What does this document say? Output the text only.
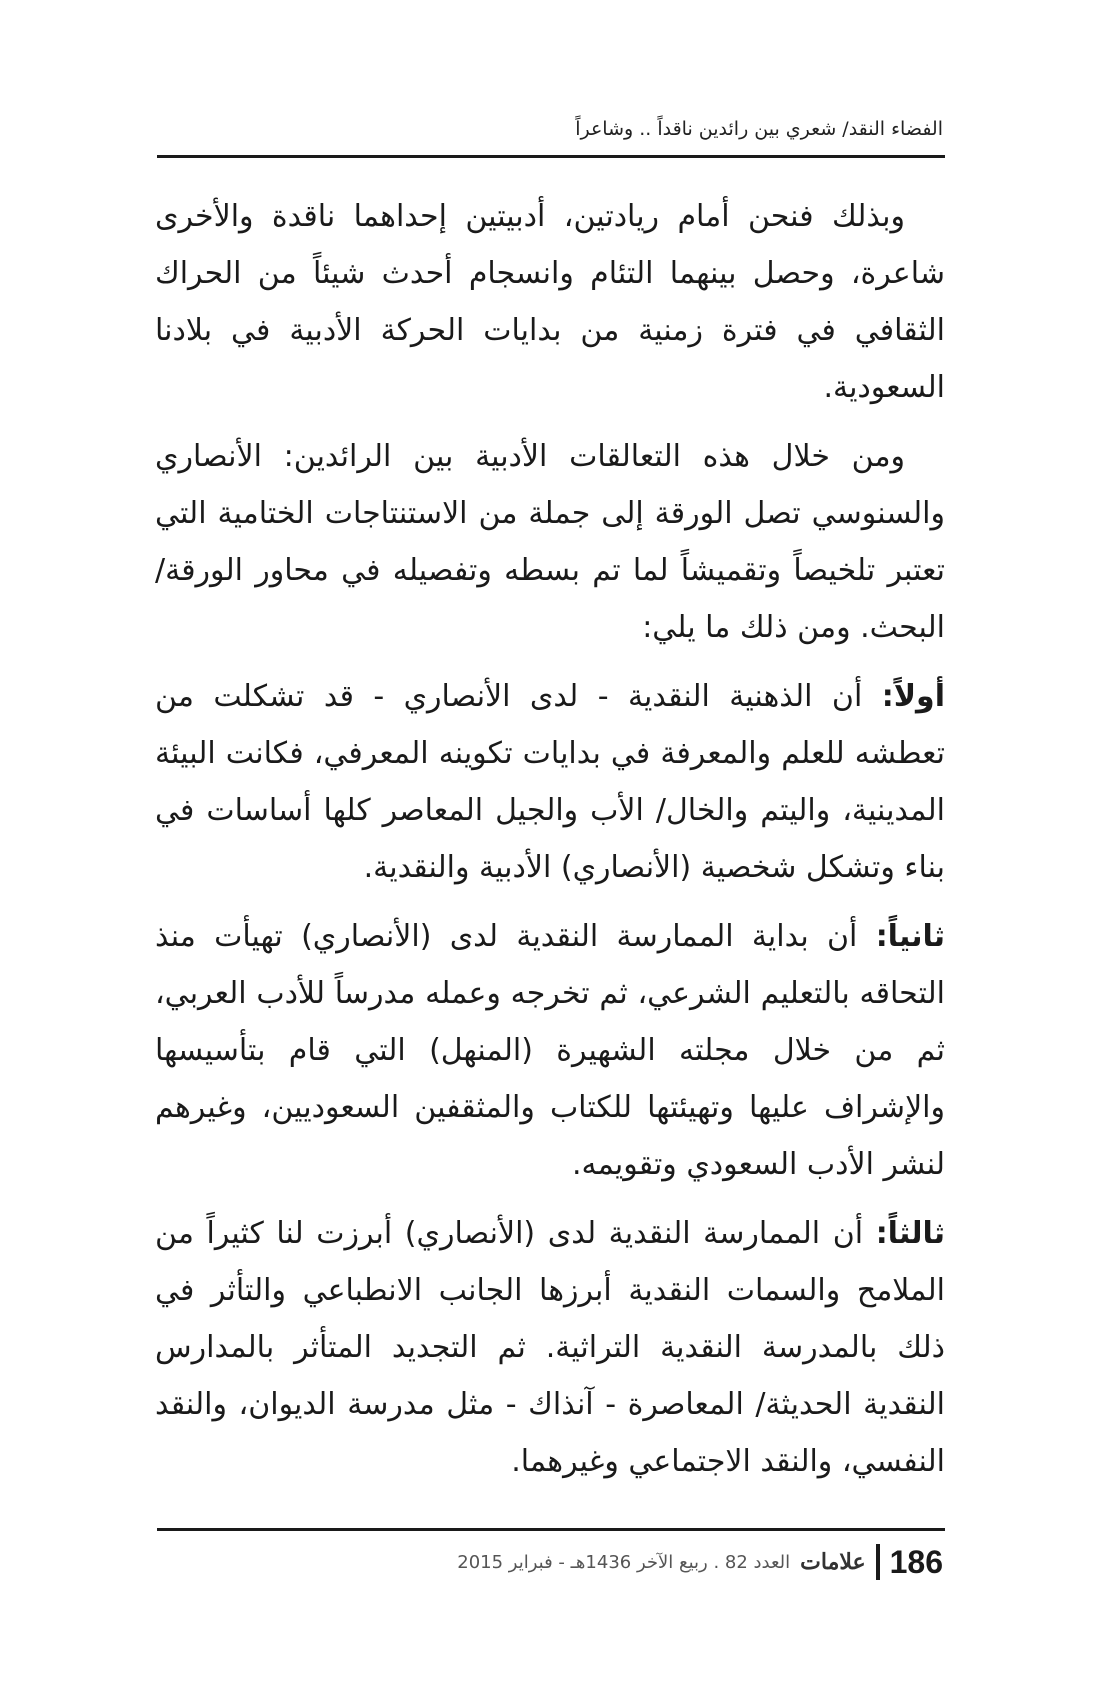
الفضاء النقد/ شعري بين رائدين ناقداً .. وشاعراً

وبذلك فنحن أمام ريادتين، أدبيتين إحداهما ناقدة والأخرى شاعرة، وحصل بينهما التئام وانسجام أحدث شيئاً من الحراك الثقافي في فترة زمنية من بدايات الحركة الأدبية في بلادنا السعودية.

ومن خلال هذه التعالقات الأدبية بين الرائدين: الأنصاري والسنوسي تصل الورقة إلى جملة من الاستنتاجات الختامية التي تعتبر تلخيصاً وتقميشاً لما تم بسطه وتفصيله في محاور الورقة/ البحث. ومن ذلك ما يلي:

أولاً: أن الذهنية النقدية - لدى الأنصاري - قد تشكلت من تعطشه للعلم والمعرفة في بدايات تكوينه المعرفي، فكانت البيئة المدينية، واليتم والخال/ الأب والجيل المعاصر كلها أساسات في بناء وتشكل شخصية (الأنصاري) الأدبية والنقدية.

ثانياً: أن بداية الممارسة النقدية لدى (الأنصاري) تهيأت منذ التحاقه بالتعليم الشرعي، ثم تخرجه وعمله مدرساً للأدب العربي، ثم من خلال مجلته الشهيرة (المنهل) التي قام بتأسيسها والإشراف عليها وتهيئتها للكتاب والمثقفين السعوديين، وغيرهم لنشر الأدب السعودي وتقويمه.

ثالثاً: أن الممارسة النقدية لدى (الأنصاري) أبرزت لنا كثيراً من الملامح والسمات النقدية أبرزها الجانب الانطباعي والتأثر في ذلك بالمدرسة النقدية التراثية. ثم التجديد المتأثر بالمدارس النقدية الحديثة/ المعاصرة - آنذاك - مثل مدرسة الديوان، والنقد النفسي، والنقد الاجتماعي وغيرهما.

186
علامات
العدد 82 . ربيع الآخر 1436هـ - فبراير 2015
